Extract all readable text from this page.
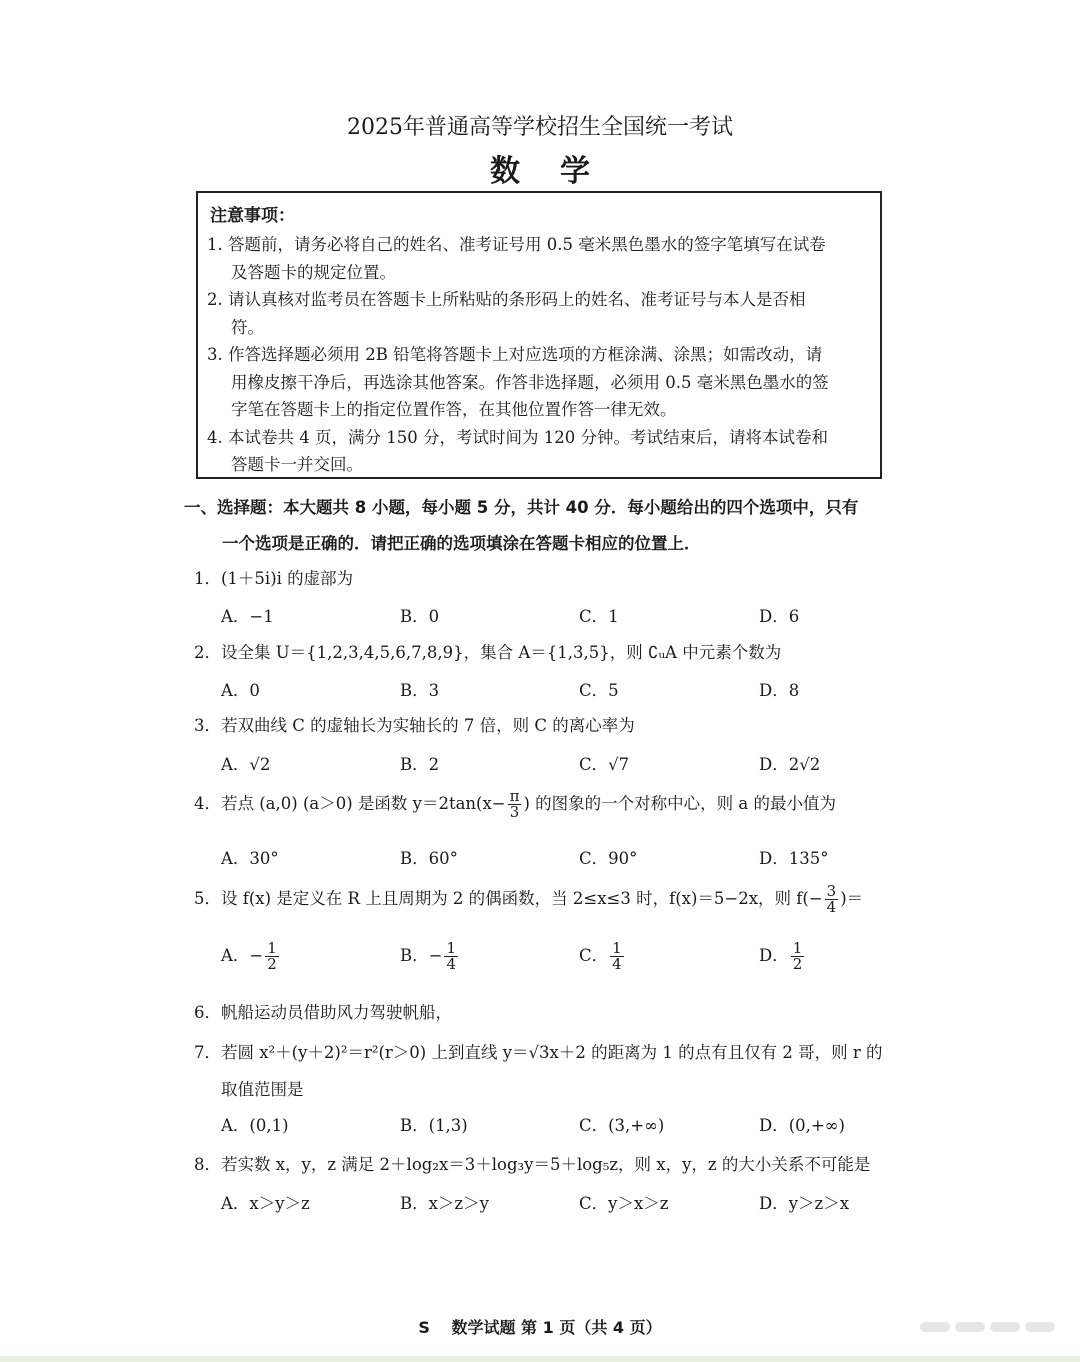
2025年普通高等学校招生全国统一考试
数学
注意事项：
1. 答题前，请务必将自己的姓名、准考证号用 0.5 毫米黑色墨水的签字笔填写在试卷
及答题卡的规定位置。
2. 请认真核对监考员在答题卡上所粘贴的条形码上的姓名、准考证号与本人是否相
符。
3. 作答选择题必须用 2B 铅笔将答题卡上对应选项的方框涂满、涂黑；如需改动，请
用橡皮擦干净后，再选涂其他答案。作答非选择题，必须用 0.5 毫米黑色墨水的签
字笔在答题卡上的指定位置作答，在其他位置作答一律无效。
4. 本试卷共 4 页，满分 150 分，考试时间为 120 分钟。考试结束后，请将本试卷和
答题卡一并交回。
一、选择题：本大题共 8 小题，每小题 5 分，共计 40 分．每小题给出的四个选项中，只有
一个选项是正确的．请把正确的选项填涂在答题卡相应的位置上．
1．(1＋5i)i 的虚部为
A．−1	B．0	C．1	D．6
2．设全集 U＝{1,2,3,4,5,6,7,8,9}，集合 A＝{1,3,5}，则 ∁ᵤA 中元素个数为
A．0	B．3	C．5	D．8
3．若双曲线 C 的虚轴长为实轴长的 7 倍，则 C 的离心率为
A．√2	B．2	C．√7	D．2√2
4．若点 (a,0) (a＞0) 是函数 $y=2\tan(x- \frac{\pi}{3}$ ) 的图象的一个对称中心，则 a 的最小值为
A．30°	B．60°	C．90°	D．135°
5．设 f(x) 是定义在 R 上且周期为 2 的偶函数，当 2≤x≤3 时，f(x)＝5−2x，则 $f(- \frac{3}{4}$ )＝
A．− $\frac{1}{2}$	B．− $\frac{1}{4}$	C． $\frac{1}{4}$	D． $\frac{1}{2}$
6．帆船运动员借助风力驾驶帆船，
7．若圆 x²＋(y＋2)²＝r²(r＞0) 上到直线 y＝√3x＋2 的距离为 1 的点有且仅有 2 哥，则 r 的
取值范围是
A．(0,1)	B．(1,3)	C．(3,+∞)	D．(0,+∞)
8．若实数 x，y，z 满足 2＋log₂x＝3＋log₃y＝5＋log₅z，则 x，y，z 的大小关系不可能是
A．x＞y＞z	B．x＞z＞y	C．y＞x＞z	D．y＞z＞x
S　 数学试题 第 1 页（共 4 页）
